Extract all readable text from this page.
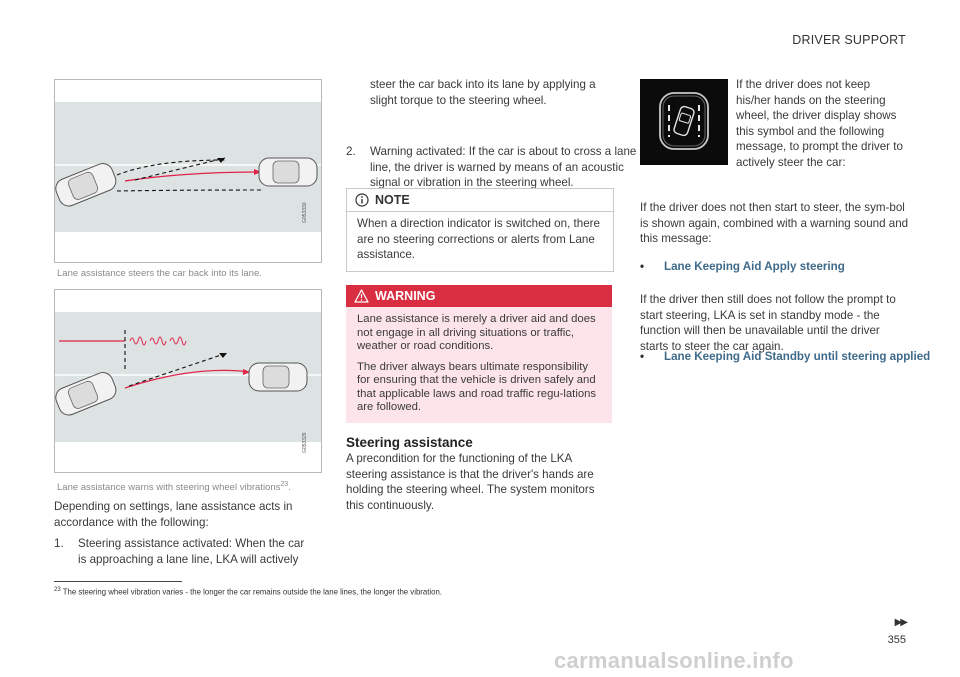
DRIVER SUPPORT
G053330
Lane assistance steers the car back into its lane.
G053329
Lane assistance warns with steering wheel vibrations$^{23}$.
Depending on settings, lane assistance acts in accordance with the following:
1. Steering assistance activated: When the car is approaching a lane line, LKA will actively
steer the car back into its lane by applying a slight torque to the steering wheel.
2. Warning activated: If the car is about to cross a lane line, the driver is warned by means of an acoustic signal or vibration in the steering wheel.
NOTE
When a direction indicator is switched on, there are no steering corrections or alerts from Lane assistance.
WARNING

Lane assistance is merely a driver aid and does not engage in all driving situations or traffic, weather or road conditions.

The driver always bears ultimate responsibility for ensuring that the vehicle is driven safely and that applicable laws and road traffic regu-lations are followed.

Steering assistance
A precondition for the functioning of the LKA steering assistance is that the driver's hands are holding the steering wheel. The system monitors this continuously.
If the driver does not keep his/her hands on the steering wheel, the driver display shows this symbol and the following message, to prompt the driver to actively steer the car:
• Lane Keeping Aid Apply steering
If the driver does not then start to steer, the sym-bol is shown again, combined with a warning sound and this message:
• Lane Keeping Aid Standby until steering applied
If the driver then still does not follow the prompt to start steering, LKA is set in standby mode - the function will then be unavailable until the driver starts to steer the car again.
$^{23}$ The steering wheel vibration varies - the longer the car remains outside the lane lines, the longer the vibration.
▶▶
355
carmanualsonline.info
